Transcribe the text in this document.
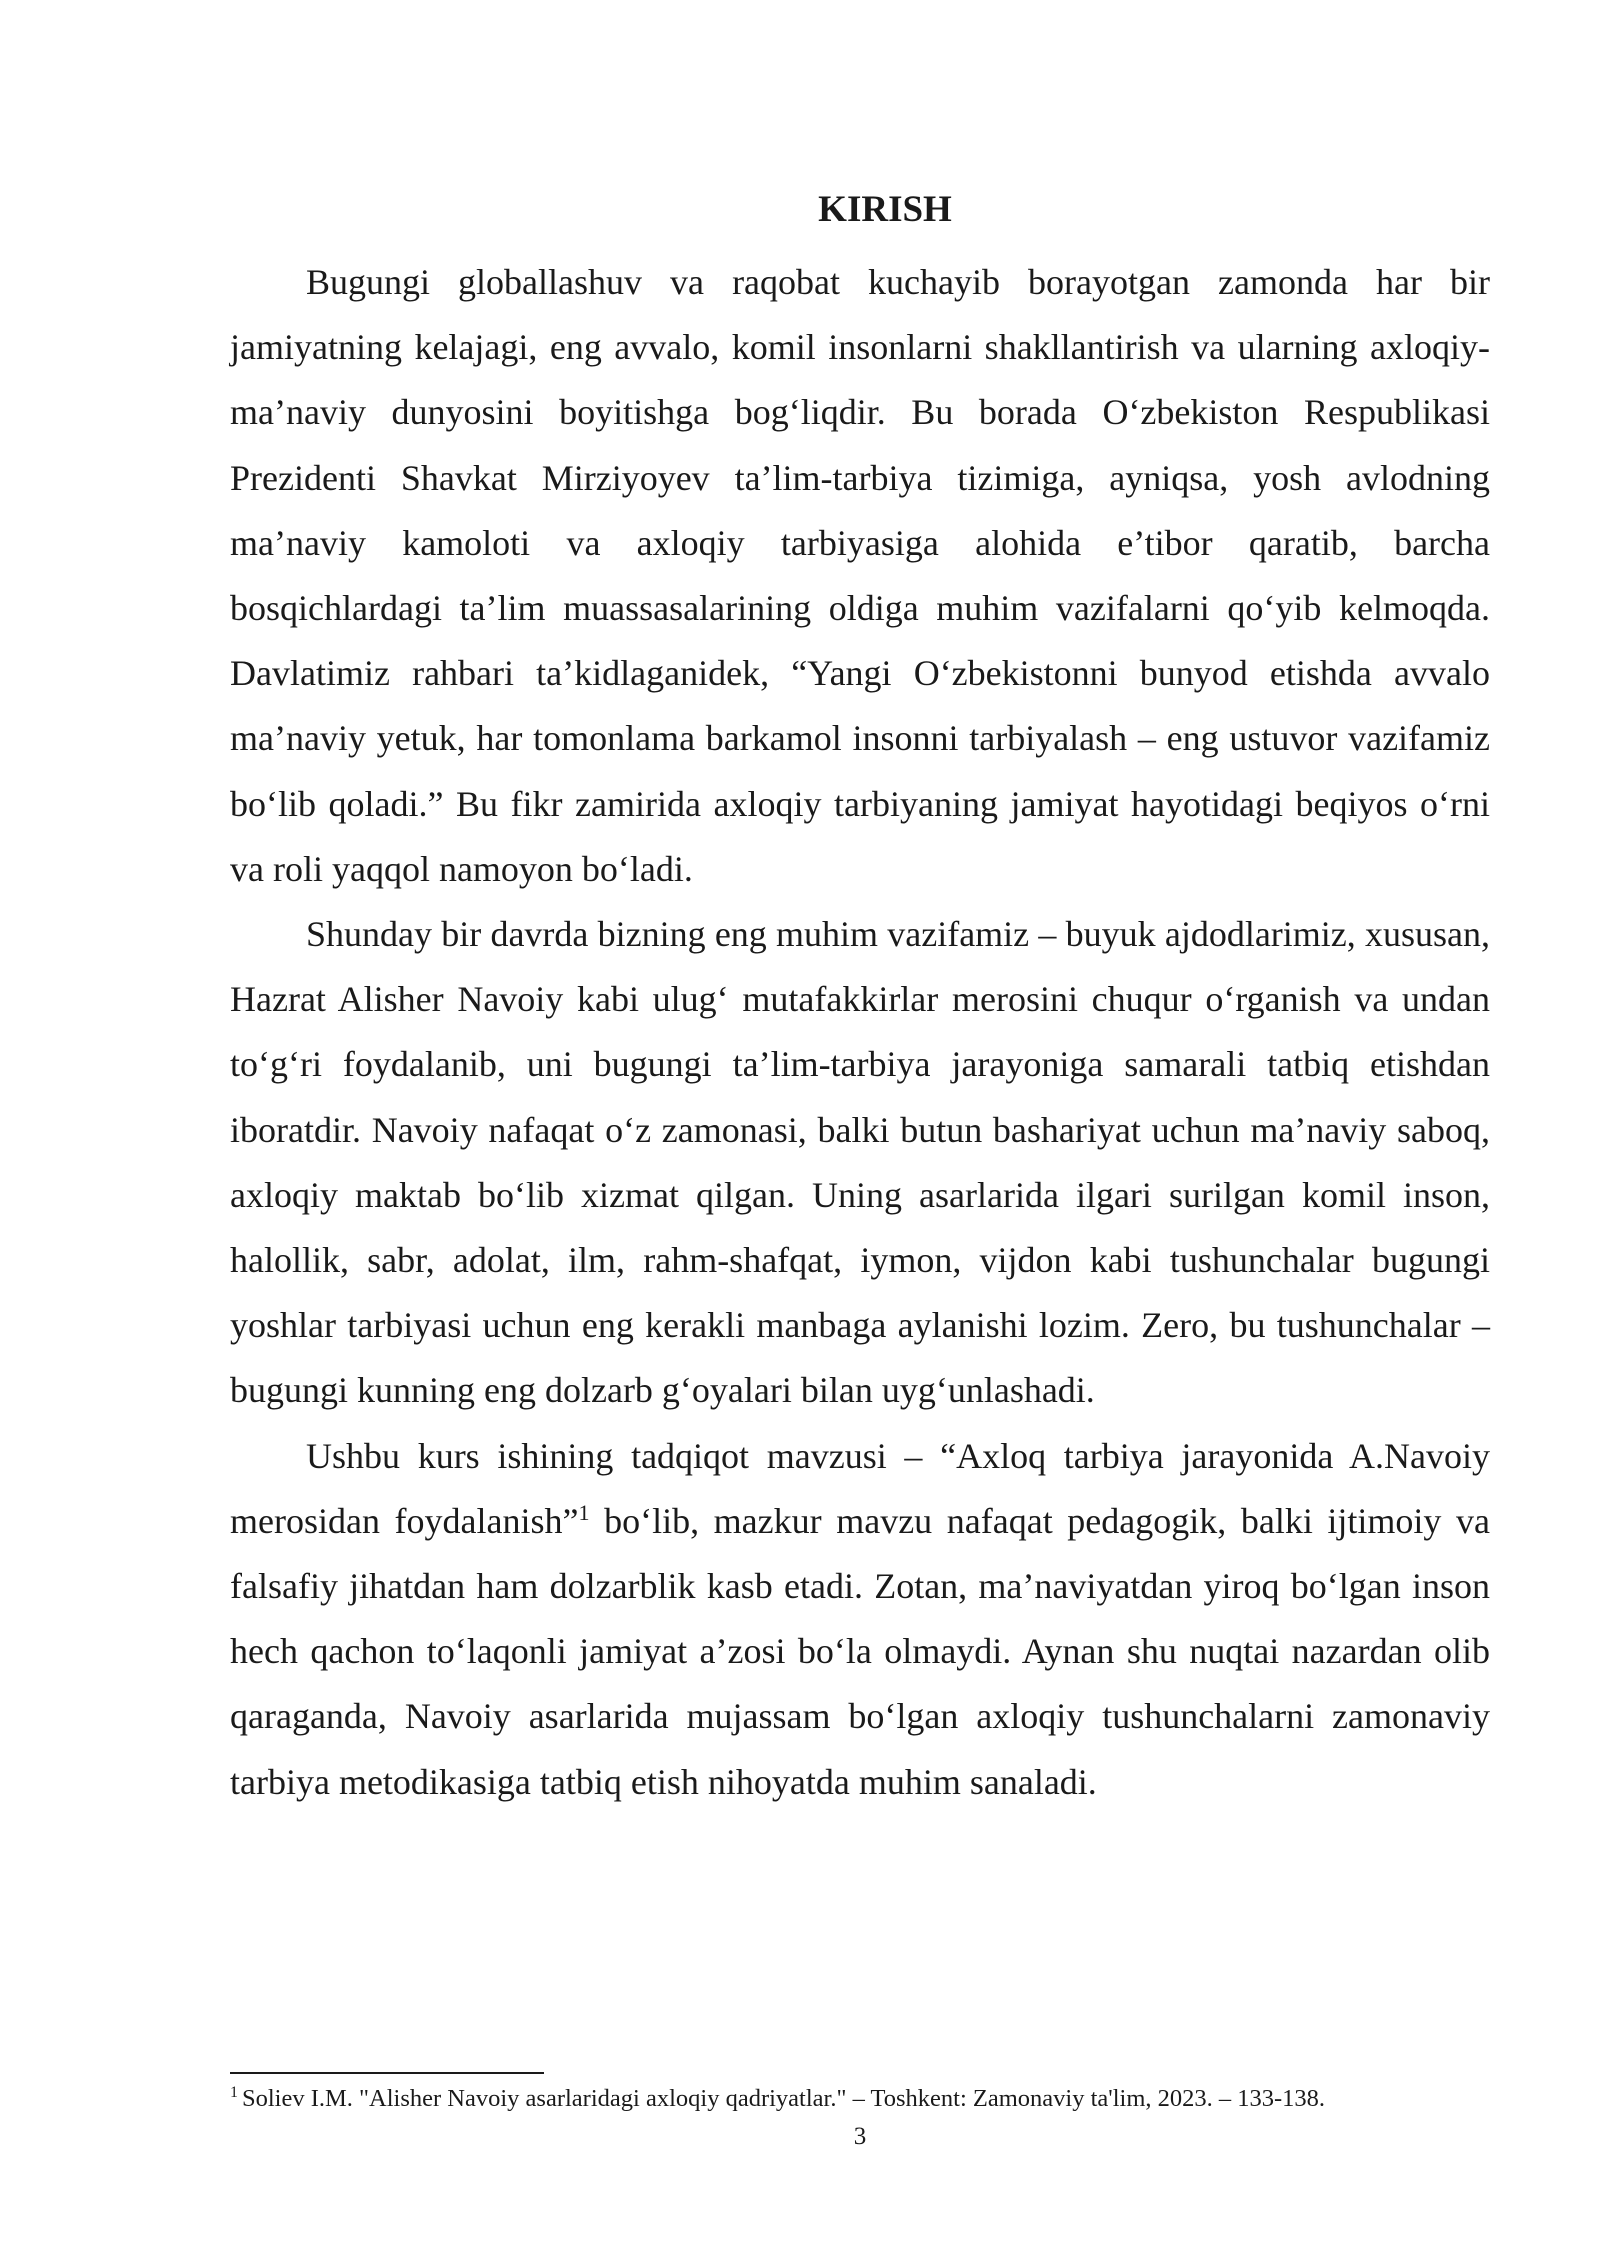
KIRISH

Bugungi globallashuv va raqobat kuchayib borayotgan zamonda har bir jamiyatning kelajagi, eng avvalo, komil insonlarni shakllantirish va ularning axloqiy-ma’naviy dunyosini boyitishga bog‘liqdir. Bu borada O‘zbekiston Respublikasi Prezidenti Shavkat Mirziyoyev ta’lim-tarbiya tizimiga, ayniqsa, yosh avlodning ma’naviy kamoloti va axloqiy tarbiyasiga alohida e’tibor qaratib, barcha bosqichlardagi ta’lim muassasalarining oldiga muhim vazifalarni qo‘yib kelmoqda. Davlatimiz rahbari ta’kidlaganidek, “Yangi O‘zbekistonni bunyod etishda avvalo ma’naviy yetuk, har tomonlama barkamol insonni tarbiyalash – eng ustuvor vazifamiz bo‘lib qoladi.” Bu fikr zamirida axloqiy tarbiyaning jamiyat hayotidagi beqiyos o‘rni va roli yaqqol namoyon bo‘ladi.

Shunday bir davrda bizning eng muhim vazifamiz – buyuk ajdodlarimiz, xususan, Hazrat Alisher Navoiy kabi ulug‘ mutafakkirlar merosini chuqur o‘rganish va undan to‘g‘ri foydalanib, uni bugungi ta’lim-tarbiya jarayoniga samarali tatbiq etishdan iboratdir. Navoiy nafaqat o‘z zamonasi, balki butun bashariyat uchun ma’naviy saboq, axloqiy maktab bo‘lib xizmat qilgan. Uning asarlarida ilgari surilgan komil inson, halollik, sabr, adolat, ilm, rahm-shafqat, iymon, vijdon kabi tushunchalar bugungi yoshlar tarbiyasi uchun eng kerakli manbaga aylanishi lozim. Zero, bu tushunchalar – bugungi kunning eng dolzarb g‘oyalari bilan uyg‘unlashadi.

Ushbu kurs ishining tadqiqot mavzusi – “Axloq tarbiya jarayonida A.Navoiy merosidan foydalanish”$^1$ bo‘lib, mazkur mavzu nafaqat pedagogik, balki ijtimoiy va falsafiy jihatdan ham dolzarblik kasb etadi. Zotan, ma’naviyatdan yiroq bo‘lgan inson hech qachon to‘laqonli jamiyat a’zosi bo‘la olmaydi. Aynan shu nuqtai nazardan olib qaraganda, Navoiy asarlarida mujassam bo‘lgan axloqiy tushunchalarni zamonaviy tarbiya metodikasiga tatbiq etish nihoyatda muhim sanaladi.

$^1$ Soliev I.M. "Alisher Navoiy asarlaridagi axloqiy qadriyatlar." – Toshkent: Zamonaviy ta'lim, 2023. – 133-138.
3
